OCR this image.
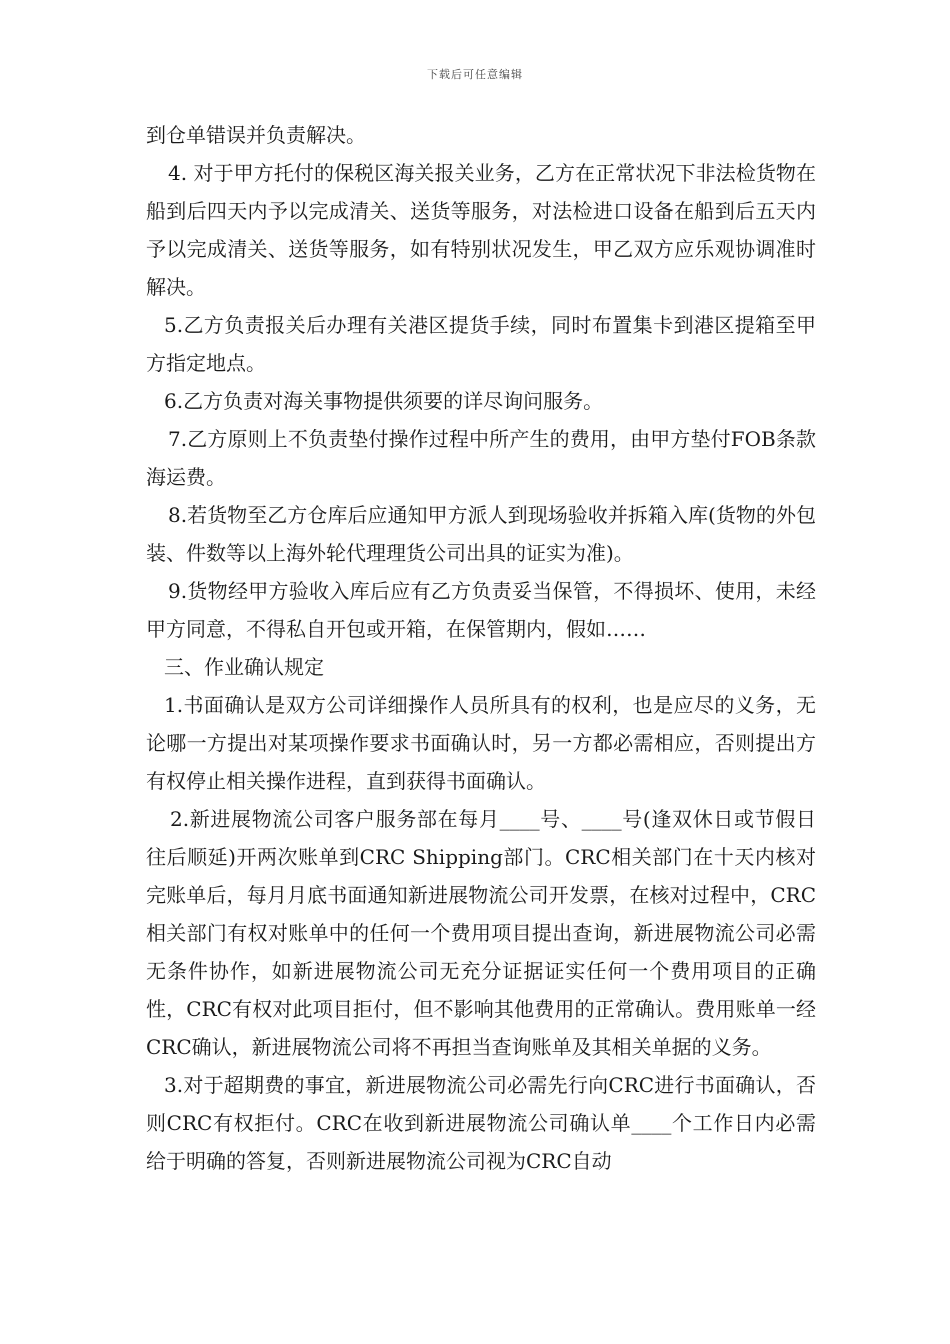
下载后可任意编辑

到仓单错误并负责解决。

4. 对于甲方托付的保税区海关报关业务，乙方在正常状况下非法检货物在船到后四天内予以完成清关、送货等服务，对法检进口设备在船到后五天内予以完成清关、送货等服务，如有特别状况发生，甲乙双方应乐观协调准时解决。

5.乙方负责报关后办理有关港区提货手续，同时布置集卡到港区提箱至甲方指定地点。

6.乙方负责对海关事物提供须要的详尽询问服务。

7.乙方原则上不负责垫付操作过程中所产生的费用，由甲方垫付FOB条款海运费。

8.若货物至乙方仓库后应通知甲方派人到现场验收并拆箱入库(货物的外包装、件数等以上海外轮代理理货公司出具的证实为准)。

9.货物经甲方验收入库后应有乙方负责妥当保管，不得损坏、使用，未经甲方同意，不得私自开包或开箱，在保管期内，假如……

三、作业确认规定

1.书面确认是双方公司详细操作人员所具有的权利，也是应尽的义务，无论哪一方提出对某项操作要求书面确认时，另一方都必需相应，否则提出方有权停止相关操作进程，直到获得书面确认。

2.新进展物流公司客户服务部在每月____号、____号(逢双休日或节假日往后顺延)开两次账单到CRC Shipping部门。CRC相关部门在十天内核对完账单后，每月月底书面通知新进展物流公司开发票，在核对过程中，CRC相关部门有权对账单中的任何一个费用项目提出查询，新进展物流公司必需无条件协作，如新进展物流公司无充分证据证实任何一个费用项目的正确性，CRC有权对此项目拒付，但不影响其他费用的正常确认。费用账单一经CRC确认，新进展物流公司将不再担当查询账单及其相关单据的义务。

3.对于超期费的事宜，新进展物流公司必需先行向CRC进行书面确认，否则CRC有权拒付。CRC在收到新进展物流公司确认单____个工作日内必需给于明确的答复，否则新进展物流公司视为CRC自动
